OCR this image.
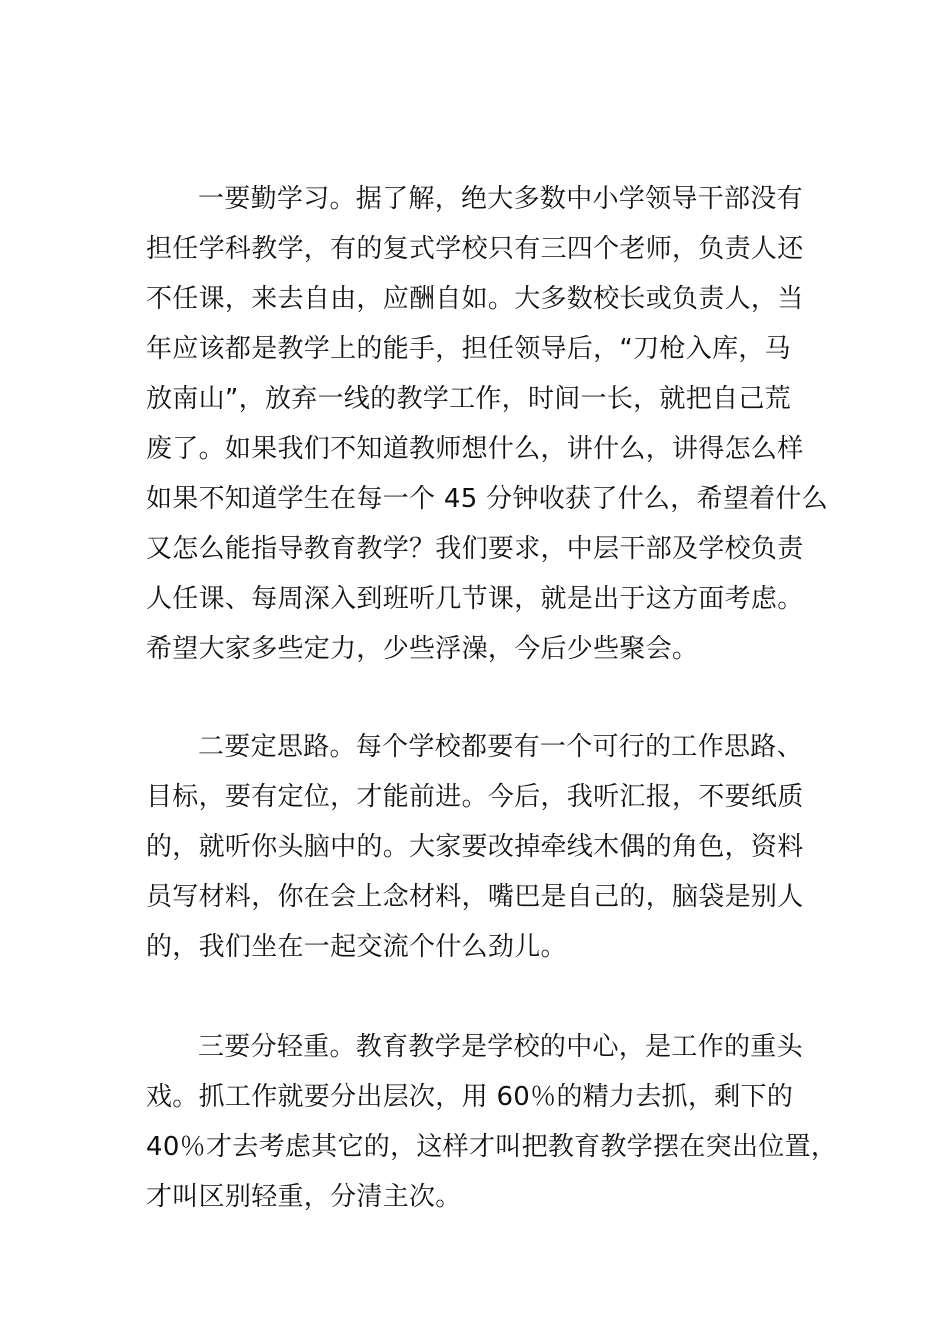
一要勤学习。据了解，绝大多数中小学领导干部没有
担任学科教学，有的复式学校只有三四个老师，负责人还
不任课，来去自由，应酬自如。大多数校长或负责人，当
年应该都是教学上的能手，担任领导后，“刀枪入库，马
放南山”，放弃一线的教学工作，时间一长，就把自己荒
废了。如果我们不知道教师想什么，讲什么，讲得怎么样
如果不知道学生在每一个 45 分钟收获了什么，希望着什么
又怎么能指导教育教学？我们要求，中层干部及学校负责
人任课、每周深入到班听几节课，就是出于这方面考虑。
希望大家多些定力，少些浮澡，今后少些聚会。

二要定思路。每个学校都要有一个可行的工作思路、
目标，要有定位，才能前进。今后，我听汇报，不要纸质
的，就听你头脑中的。大家要改掉牵线木偶的角色，资料
员写材料，你在会上念材料，嘴巴是自己的，脑袋是别人
的，我们坐在一起交流个什么劲儿。

三要分轻重。教育教学是学校的中心，是工作的重头
戏。抓工作就要分出层次，用 60％的精力去抓，剩下的
40％才去考虑其它的，这样才叫把教育教学摆在突出位置，
才叫区别轻重，分清主次。
